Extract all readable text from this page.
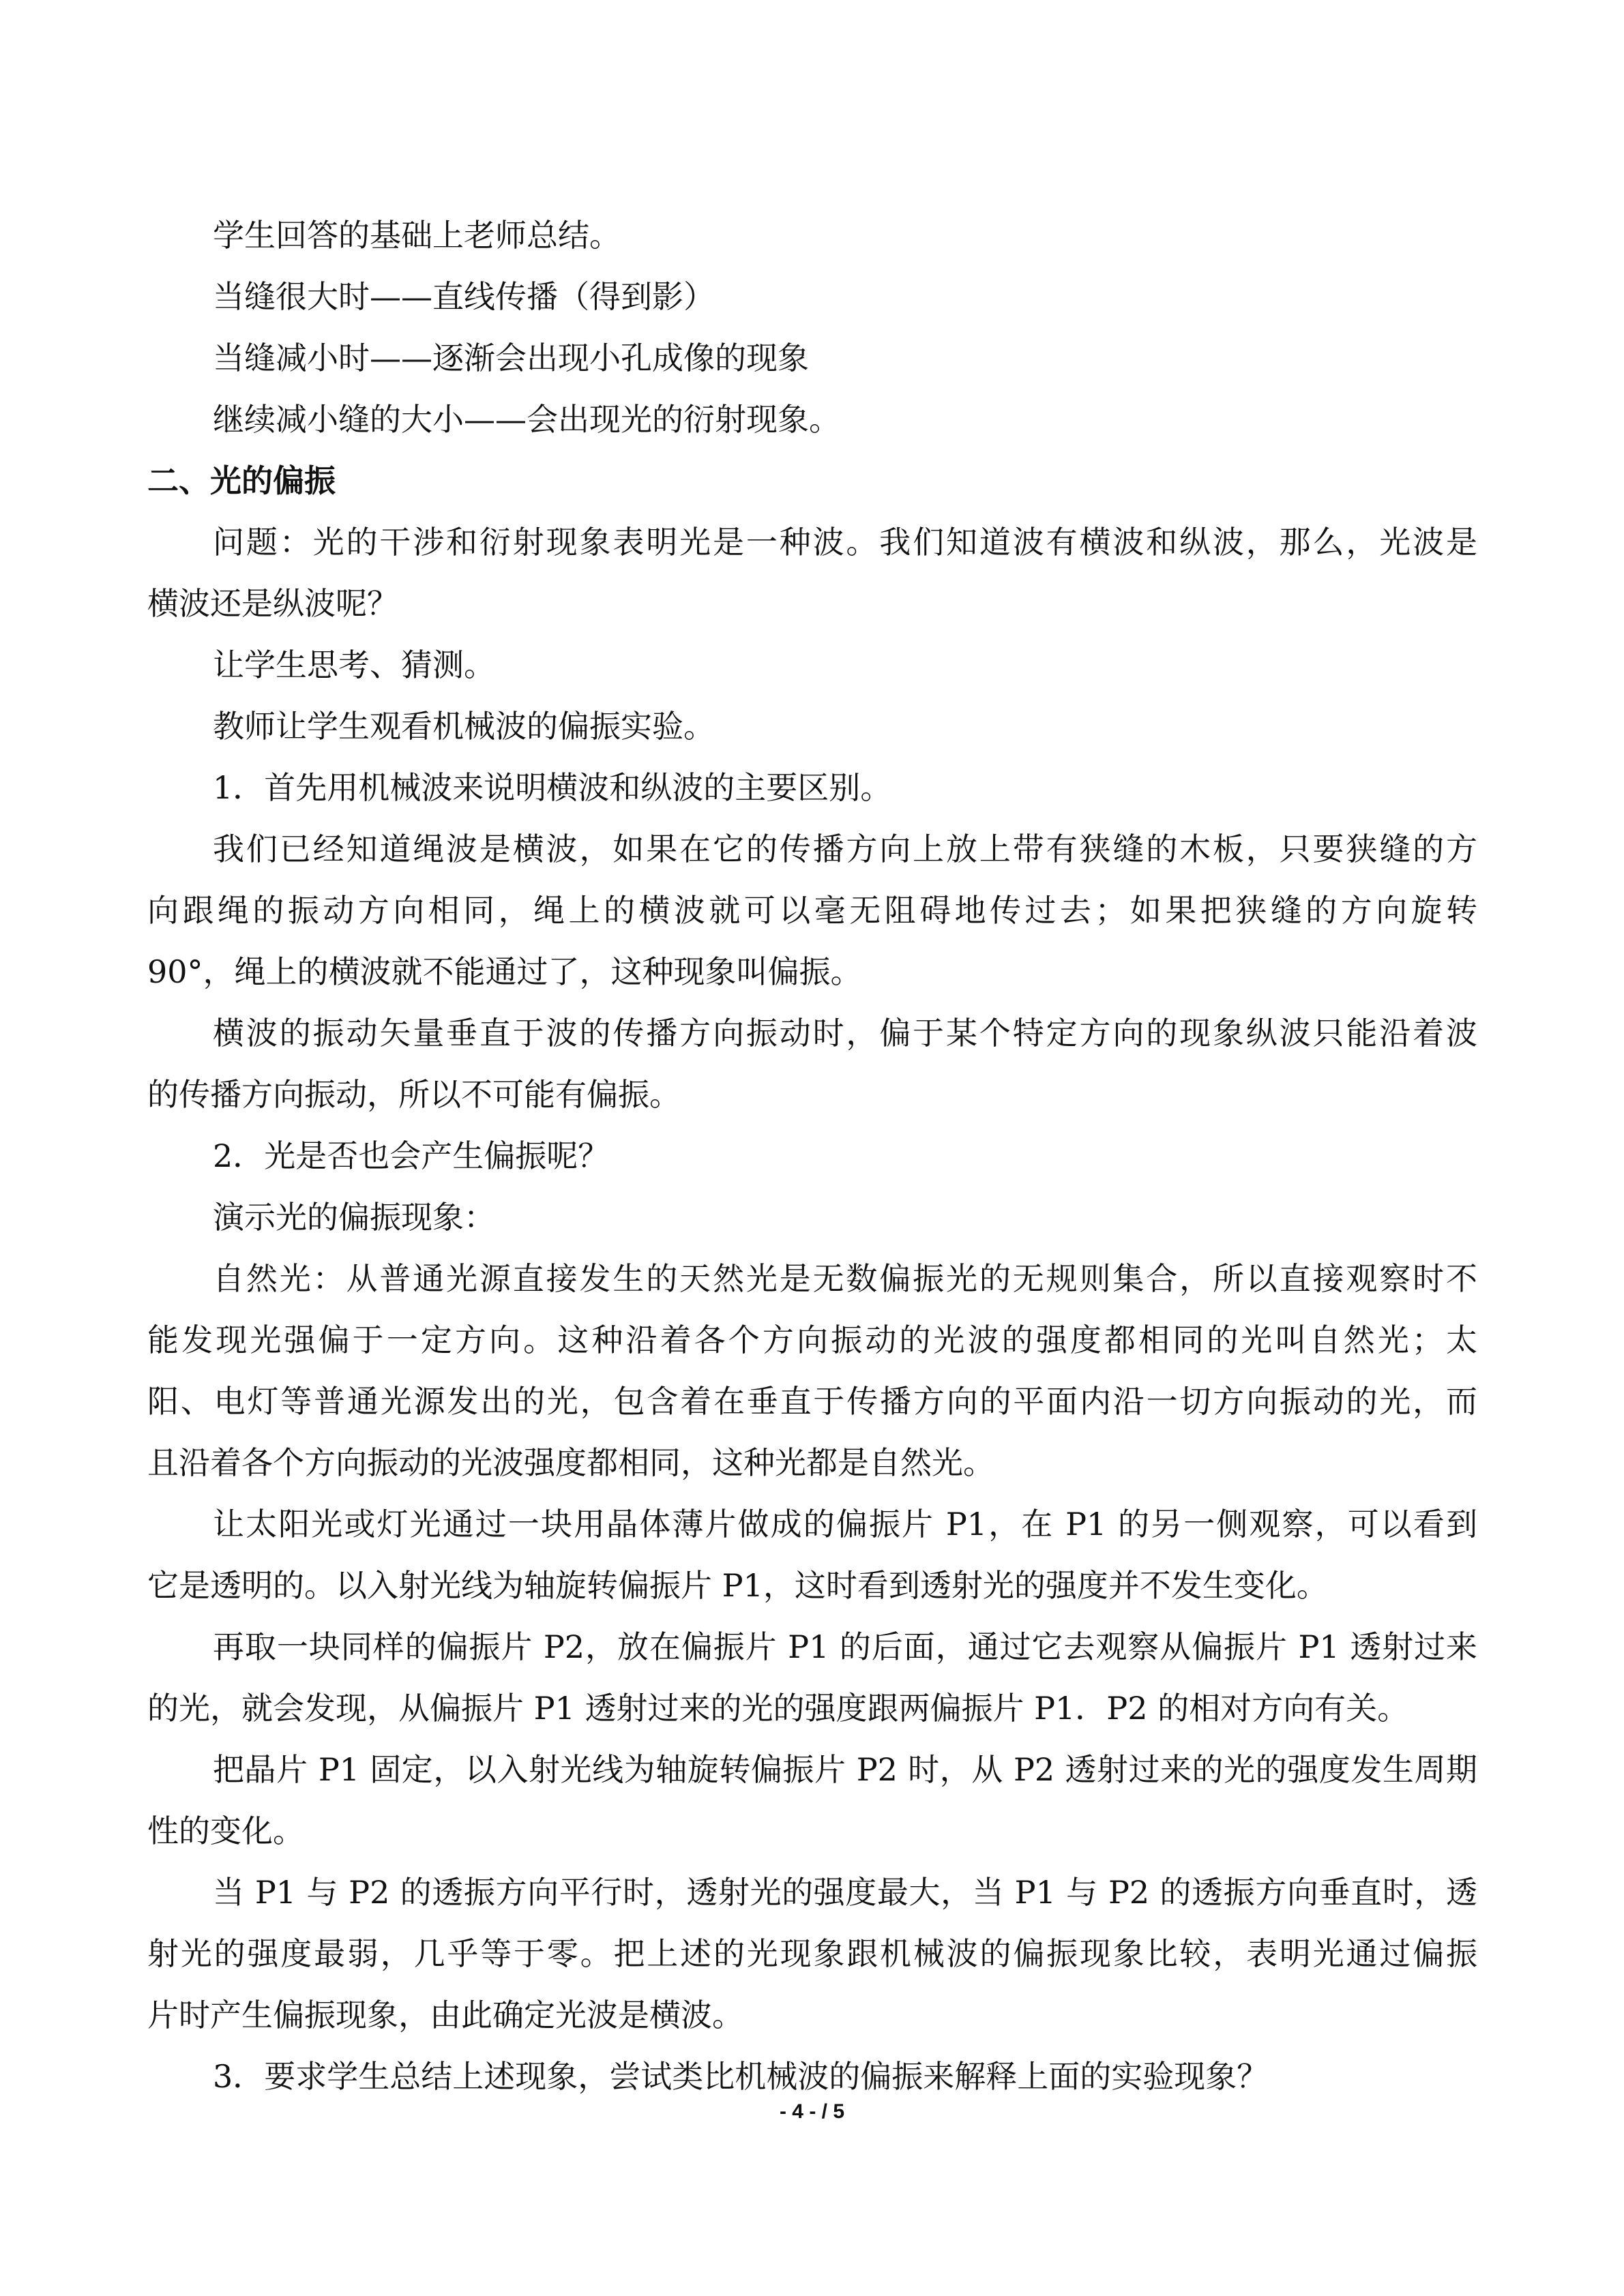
学生回答的基础上老师总结。
当缝很大时——直线传播（得到影）
当缝减小时——逐渐会出现小孔成像的现象
继续减小缝的大小——会出现光的衍射现象。
二、光的偏振
问题：光的干涉和衍射现象表明光是一种波。我们知道波有横波和纵波，那么，光波是
横波还是纵波呢？
让学生思考、猜测。
教师让学生观看机械波的偏振实验。
1．首先用机械波来说明横波和纵波的主要区别。
我们已经知道绳波是横波，如果在它的传播方向上放上带有狭缝的木板，只要狭缝的方
向跟绳的振动方向相同，绳上的横波就可以毫无阻碍地传过去；如果把狭缝的方向旋转
90°，绳上的横波就不能通过了，这种现象叫偏振。
横波的振动矢量垂直于波的传播方向振动时，偏于某个特定方向的现象纵波只能沿着波
的传播方向振动，所以不可能有偏振。
2．光是否也会产生偏振呢？
演示光的偏振现象：
自然光：从普通光源直接发生的天然光是无数偏振光的无规则集合，所以直接观察时不
能发现光强偏于一定方向。这种沿着各个方向振动的光波的强度都相同的光叫自然光；太
阳、电灯等普通光源发出的光，包含着在垂直于传播方向的平面内沿一切方向振动的光，而
且沿着各个方向振动的光波强度都相同，这种光都是自然光。
让太阳光或灯光通过一块用晶体薄片做成的偏振片 P1，在 P1 的另一侧观察，可以看到
它是透明的。以入射光线为轴旋转偏振片 P1，这时看到透射光的强度并不发生变化。
再取一块同样的偏振片 P2，放在偏振片 P1 的后面，通过它去观察从偏振片 P1 透射过来
的光，就会发现，从偏振片 P1 透射过来的光的强度跟两偏振片 P1．P2 的相对方向有关。
把晶片 P1 固定，以入射光线为轴旋转偏振片 P2 时，从 P2 透射过来的光的强度发生周期
性的变化。
当 P1 与 P2 的透振方向平行时，透射光的强度最大，当 P1 与 P2 的透振方向垂直时，透
射光的强度最弱，几乎等于零。把上述的光现象跟机械波的偏振现象比较，表明光通过偏振
片时产生偏振现象，由此确定光波是横波。
3．要求学生总结上述现象，尝试类比机械波的偏振来解释上面的实验现象？
- 4 - / 5
